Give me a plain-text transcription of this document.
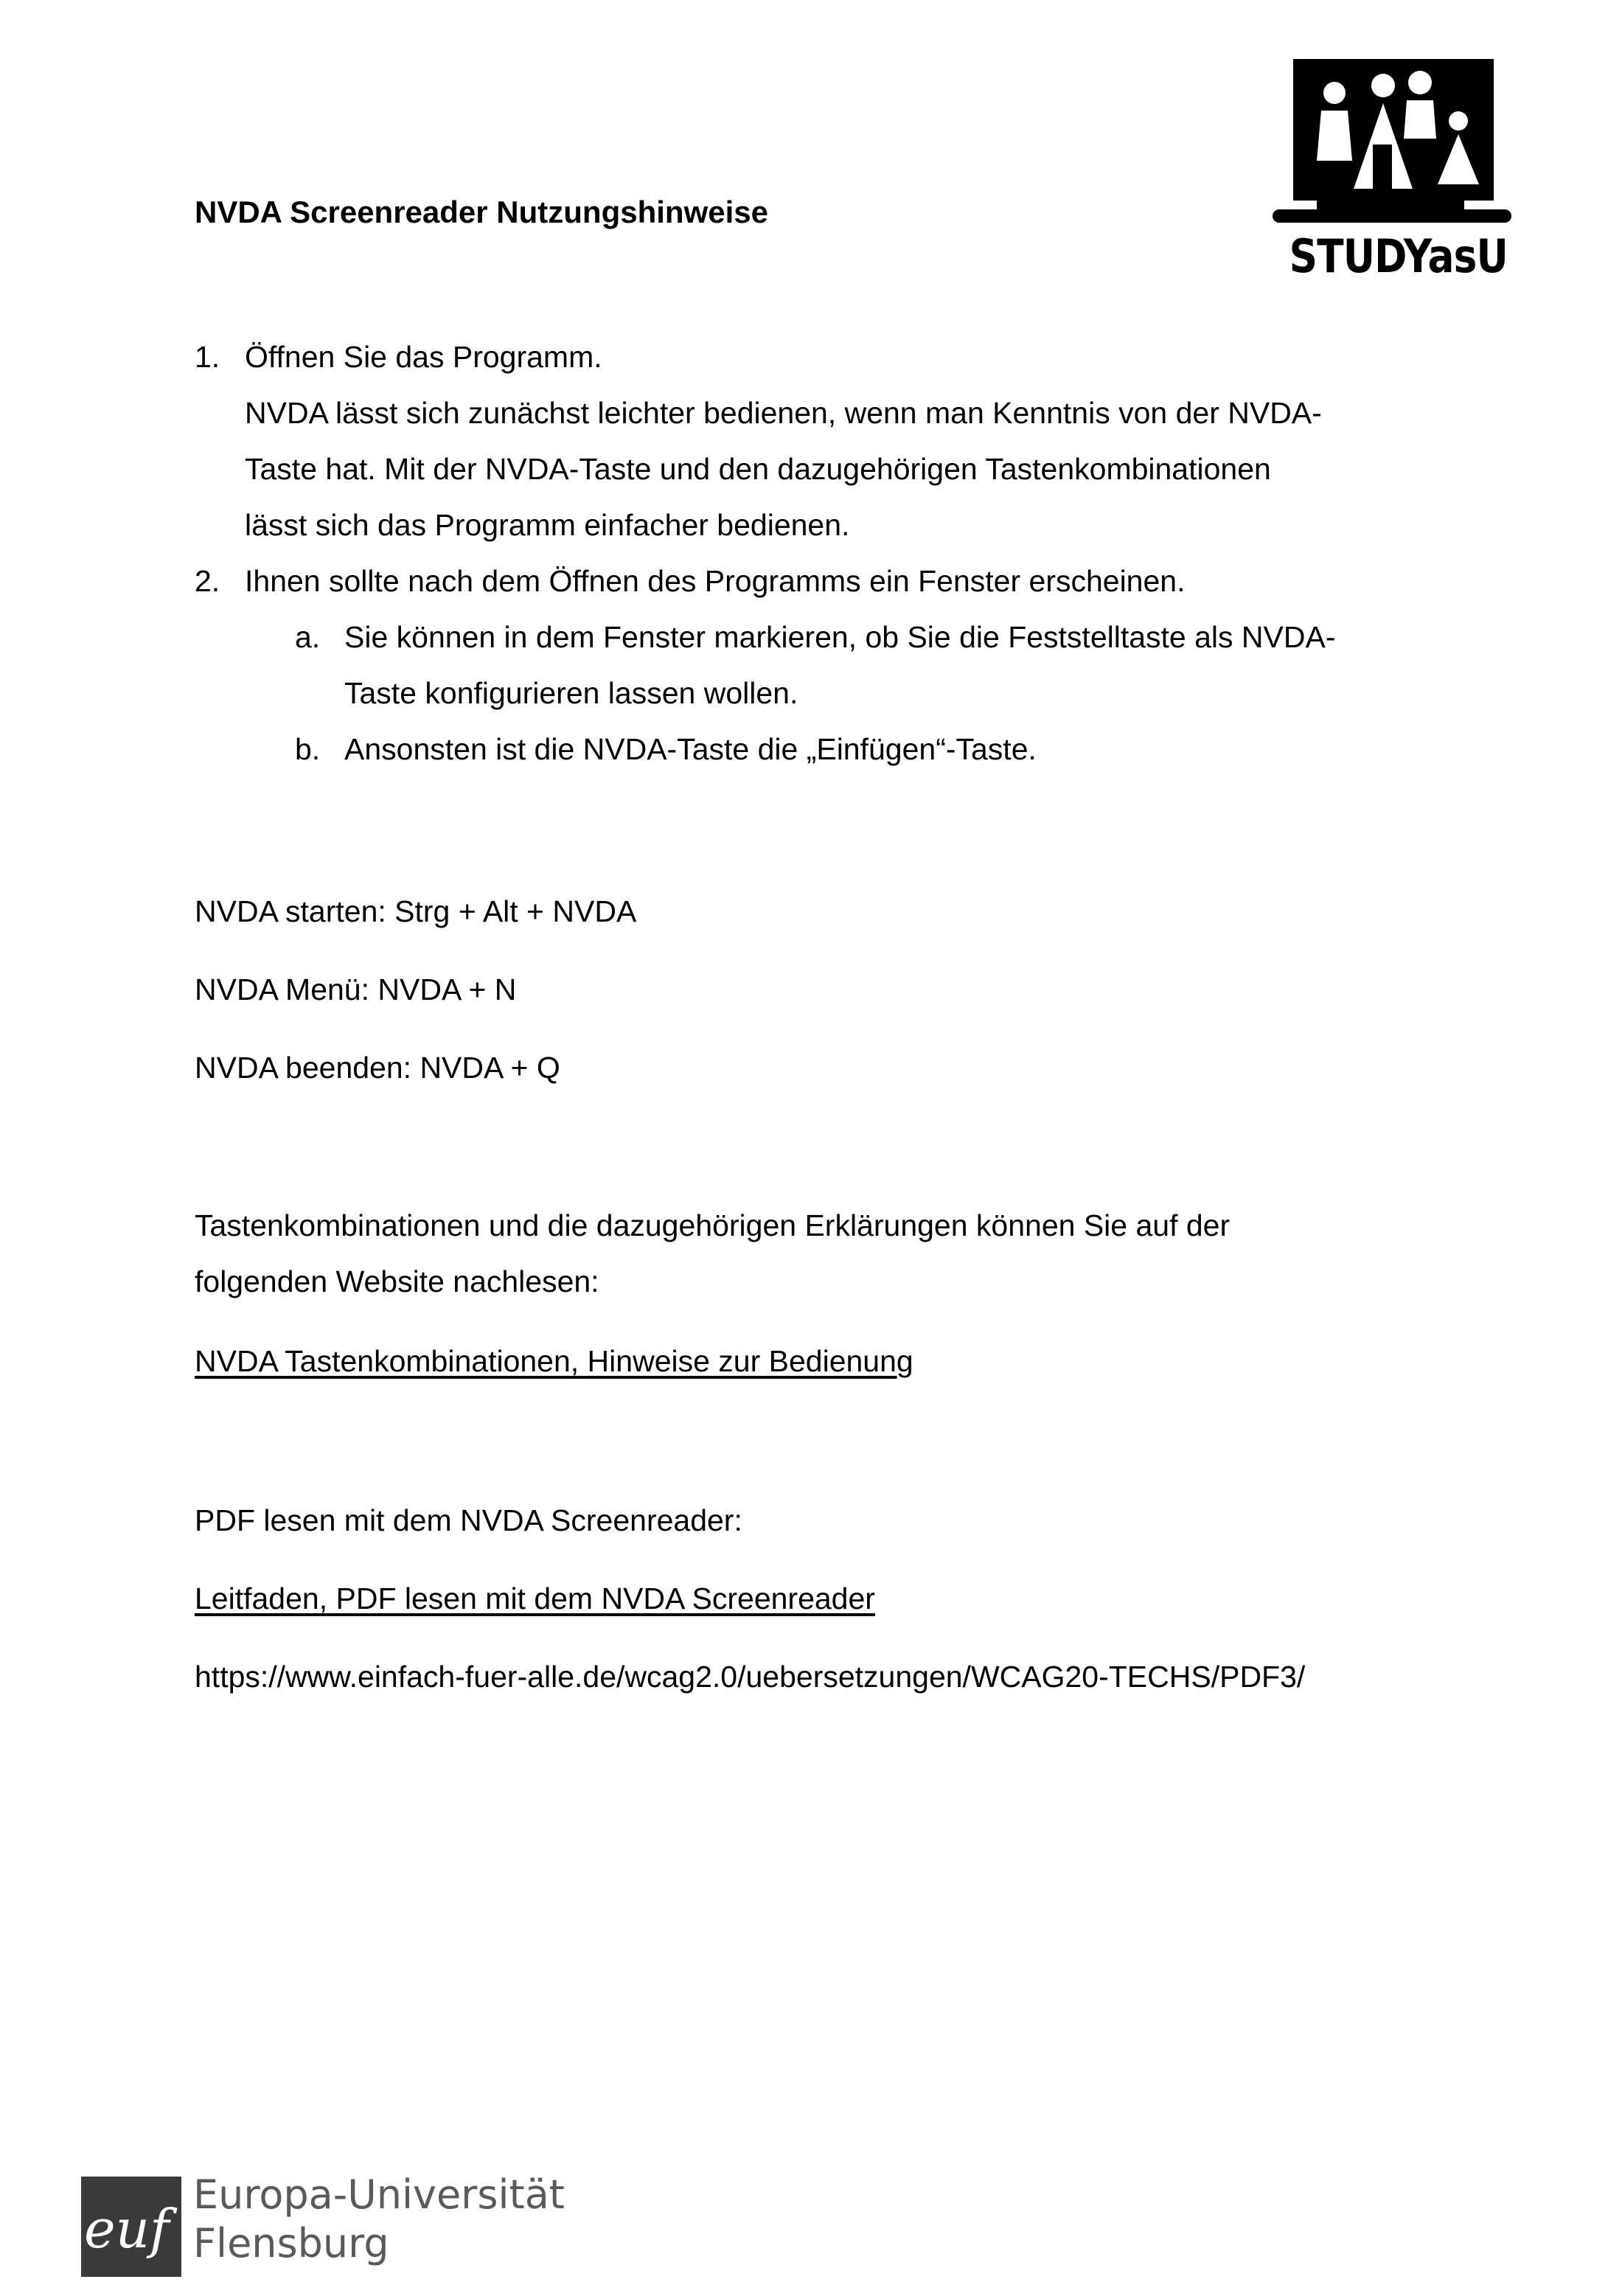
NVDA Screenreader Nutzungshinweise
STUDYasU
1. Öffnen Sie das Programm.
NVDA lässt sich zunächst leichter bedienen, wenn man Kenntnis von der NVDA-
Taste hat. Mit der NVDA-Taste und den dazugehörigen Tastenkombinationen
lässt sich das Programm einfacher bedienen.
2. Ihnen sollte nach dem Öffnen des Programms ein Fenster erscheinen.
a. Sie können in dem Fenster markieren, ob Sie die Feststelltaste als NVDA-
Taste konfigurieren lassen wollen.
b. Ansonsten ist die NVDA-Taste die „Einfügen“-Taste.

NVDA starten: Strg + Alt + NVDA

NVDA Menü: NVDA + N

NVDA beenden: NVDA + Q

Tastenkombinationen und die dazugehörigen Erklärungen können Sie auf der
folgenden Website nachlesen:

NVDA Tastenkombinationen, Hinweise zur Bedienung

PDF lesen mit dem NVDA Screenreader:

Leitfaden, PDF lesen mit dem NVDA Screenreader

https://www.einfach-fuer-alle.de/wcag2.0/uebersetzungen/WCAG20-TECHS/PDF3/

euf
Europa-Universität
Flensburg
